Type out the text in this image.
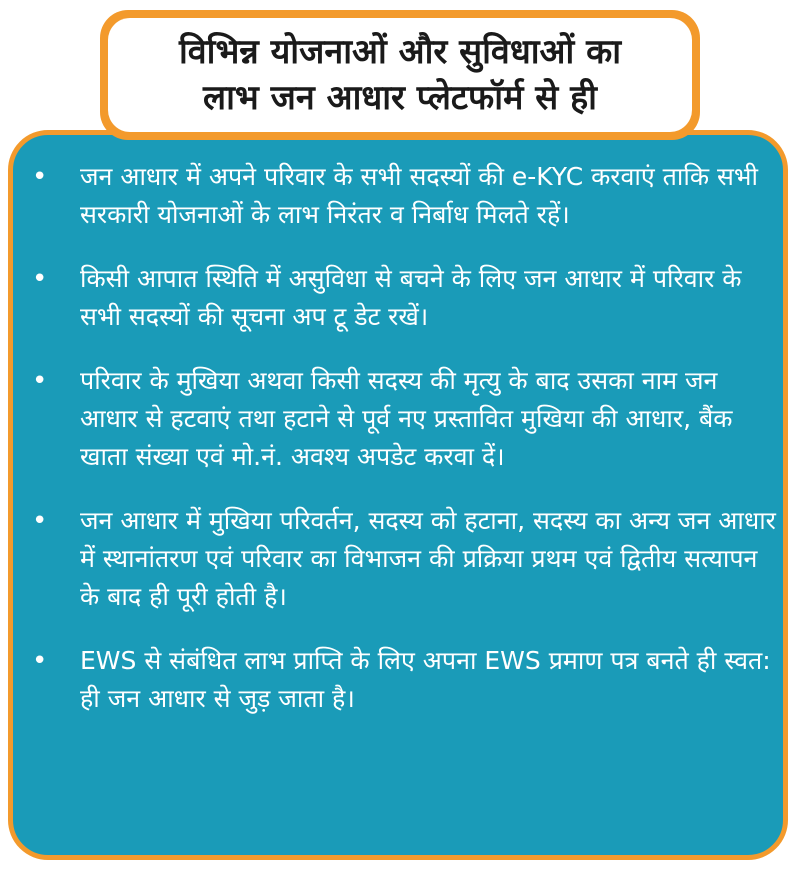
विभिन्न योजनाओं और सुविधाओं का
लाभ जन आधार प्लेटफॉर्म से ही
• जन आधार में अपने परिवार के सभी सदस्यों की e-KYC करवाएं ताकि सभी सरकारी योजनाओं के लाभ निरंतर व निर्बाध मिलते रहें।
• किसी आपात स्थिति में असुविधा से बचने के लिए जन आधार में परिवार के सभी सदस्यों की सूचना अप टू डेट रखें।
• परिवार के मुखिया अथवा किसी सदस्य की मृत्यु के बाद उसका नाम जन आधार से हटवाएं तथा हटाने से पूर्व नए प्रस्तावित मुखिया की आधार, बैंक खाता संख्या एवं मो.नं. अवश्य अपडेट करवा दें।
• जन आधार में मुखिया परिवर्तन, सदस्य को हटाना, सदस्य का अन्य जन आधार में स्थानांतरण एवं परिवार का विभाजन की प्रक्रिया प्रथम एवं द्वितीय सत्यापन के बाद ही पूरी होती है।
• EWS से संबंधित लाभ प्राप्ति के लिए अपना EWS प्रमाण पत्र बनते ही स्वत: ही जन आधार से जुड़ जाता है।
